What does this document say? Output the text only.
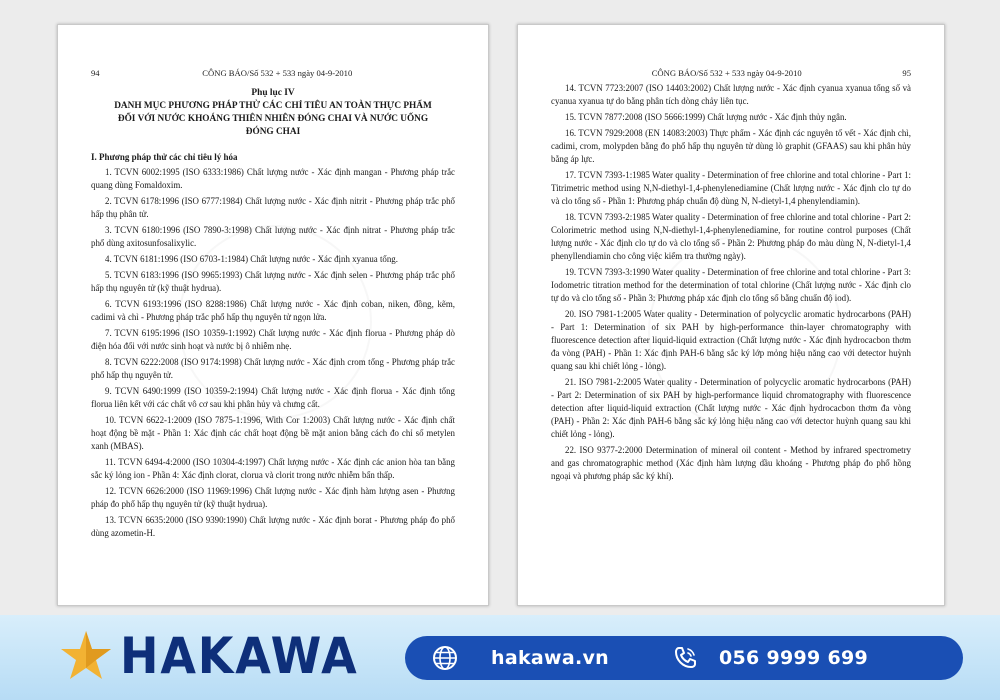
94	CÔNG BÁO/Số 532 + 533 ngày 04-9-2010
Phụ lục IV
DANH MỤC PHƯƠNG PHÁP THỬ CÁC CHỈ TIÊU AN TOÀN THỰC PHẨM ĐỐI VỚI NƯỚC KHOÁNG THIÊN NHIÊN ĐÓNG CHAI VÀ NƯỚC UỐNG ĐÓNG CHAI

I. Phương pháp thử các chỉ tiêu lý hóa

1. TCVN 6002:1995 (ISO 6333:1986) Chất lượng nước - Xác định mangan - Phương pháp trắc quang dùng Fomaldoxim.

2. TCVN 6178:1996 (ISO 6777:1984) Chất lượng nước - Xác định nitrit - Phương pháp trắc phổ hấp thụ phân tử.

3. TCVN 6180:1996 (ISO 7890-3:1998) Chất lượng nước - Xác định nitrat - Phương pháp trắc phổ dùng axitosunfosalixylic.

4. TCVN 6181:1996 (ISO 6703-1:1984) Chất lượng nước - Xác định xyanua tổng.

5. TCVN 6183:1996 (ISO 9965:1993) Chất lượng nước - Xác định selen - Phương pháp trắc phổ hấp thụ nguyên tử (kỹ thuật hydrua).

6. TCVN 6193:1996 (ISO 8288:1986) Chất lượng nước - Xác định coban, niken, đồng, kẽm, cadimi và chì - Phương pháp trắc phổ hấp thụ nguyên tử ngọn lửa.

7. TCVN 6195:1996 (ISO 10359-1:1992) Chất lượng nước - Xác định florua - Phương pháp dò điện hóa đối với nước sinh hoạt và nước bị ô nhiễm nhẹ.

8. TCVN 6222:2008 (ISO 9174:1998) Chất lượng nước - Xác định crom tổng - Phương pháp trắc phổ hấp thụ nguyên tử.

9. TCVN 6490:1999 (ISO 10359-2:1994) Chất lượng nước - Xác định florua - Xác định tổng florua liên kết với các chất vô cơ sau khi phân hủy và chưng cất.

10. TCVN 6622-1:2009 (ISO 7875-1:1996, With Cor 1:2003) Chất lượng nước - Xác định chất hoạt động bề mặt - Phần 1: Xác định các chất hoạt động bề mặt anion bằng cách đo chỉ số metylen xanh (MBAS).

11. TCVN 6494-4:2000 (ISO 10304-4:1997) Chất lượng nước - Xác định các anion hòa tan bằng sắc ký lỏng ion - Phần 4: Xác định clorat, clorua và clorit trong nước nhiễm bẩn thấp.

12. TCVN 6626:2000 (ISO 11969:1996) Chất lượng nước - Xác định hàm lượng asen - Phương pháp đo phổ hấp thụ nguyên tử (kỹ thuật hydrua).

13. TCVN 6635:2000 (ISO 9390:1990) Chất lượng nước - Xác định borat - Phương pháp đo phổ dùng azometin-H.

CÔNG BÁO/Số 532 + 533 ngày 04-9-2010	95

14. TCVN 7723:2007 (ISO 14403:2002) Chất lượng nước - Xác định cyanua xyanua tổng số và cyanua xyanua tự do bằng phân tích dòng chảy liên tục.

15. TCVN 7877:2008 (ISO 5666:1999) Chất lượng nước - Xác định thủy ngân.

16. TCVN 7929:2008 (EN 14083:2003) Thực phẩm - Xác định các nguyên tố vết - Xác định chì, cadimi, crom, molypden bằng đo phổ hấp thụ nguyên tử dùng lò graphit (GFAAS) sau khi phân hủy bằng áp lực.

17. TCVN 7393-1:1985 Water quality - Determination of free chlorine and total chlorine - Part 1: Titrimetric method using N,N-diethyl-1,4-phenylenediamine (Chất lượng nước - Xác định clo tự do và clo tổng số - Phần 1: Phương pháp chuẩn độ dùng N, N-dietyl-1,4 phenylendiamin).

18. TCVN 7393-2:1985 Water quality - Determination of free chlorine and total chlorine - Part 2: Colorimetric method using N,N-diethyl-1,4-phenylenediamine, for routine control purposes (Chất lượng nước - Xác định clo tự do và clo tổng số - Phần 2: Phương pháp đo màu dùng N, N-dietyl-1,4 phenyllendiamin cho công việc kiểm tra thường ngày).

19. TCVN 7393-3:1990 Water quality - Determination of free chlorine and total chlorine - Part 3: Iodometric titration method for the determination of total chlorine (Chất lượng nước - Xác định clo tự do và clo tổng số - Phần 3: Phương pháp xác định clo tổng số bằng chuẩn độ iod).

20. ISO 7981-1:2005 Water quality - Determination of polycyclic aromatic hydrocarbons (PAH) - Part 1: Determination of six PAH by high-performance thin-layer chromatography with fluorescence detection after liquid-liquid extraction (Chất lượng nước - Xác định hydrocacbon thơm đa vòng (PAH) - Phần 1: Xác định PAH-6 bằng sắc ký lớp mỏng hiệu năng cao với detector huỳnh quang sau khi chiết lỏng - lỏng).

21. ISO 7981-2:2005 Water quality - Determination of polycyclic aromatic hydrocarbons (PAH) - Part 2: Determination of six PAH by high-performance liquid chromatography with fluorescence detection after liquid-liquid extraction (Chất lượng nước - Xác định hydrocacbon thơm đa vòng (PAH) - Phần 2: Xác định PAH-6 bằng sắc ký lỏng hiệu năng cao với detector huỳnh quang sau khi chiết lỏng - lỏng).

22. ISO 9377-2:2000 Determination of mineral oil content - Method by infrared spectrometry and gas chromatographic method (Xác định hàm lượng dầu khoáng - Phương pháp đo phổ hồng ngoại và phương pháp sắc ký khí).

HAKAWA	hakawa.vn	056 9999 699
